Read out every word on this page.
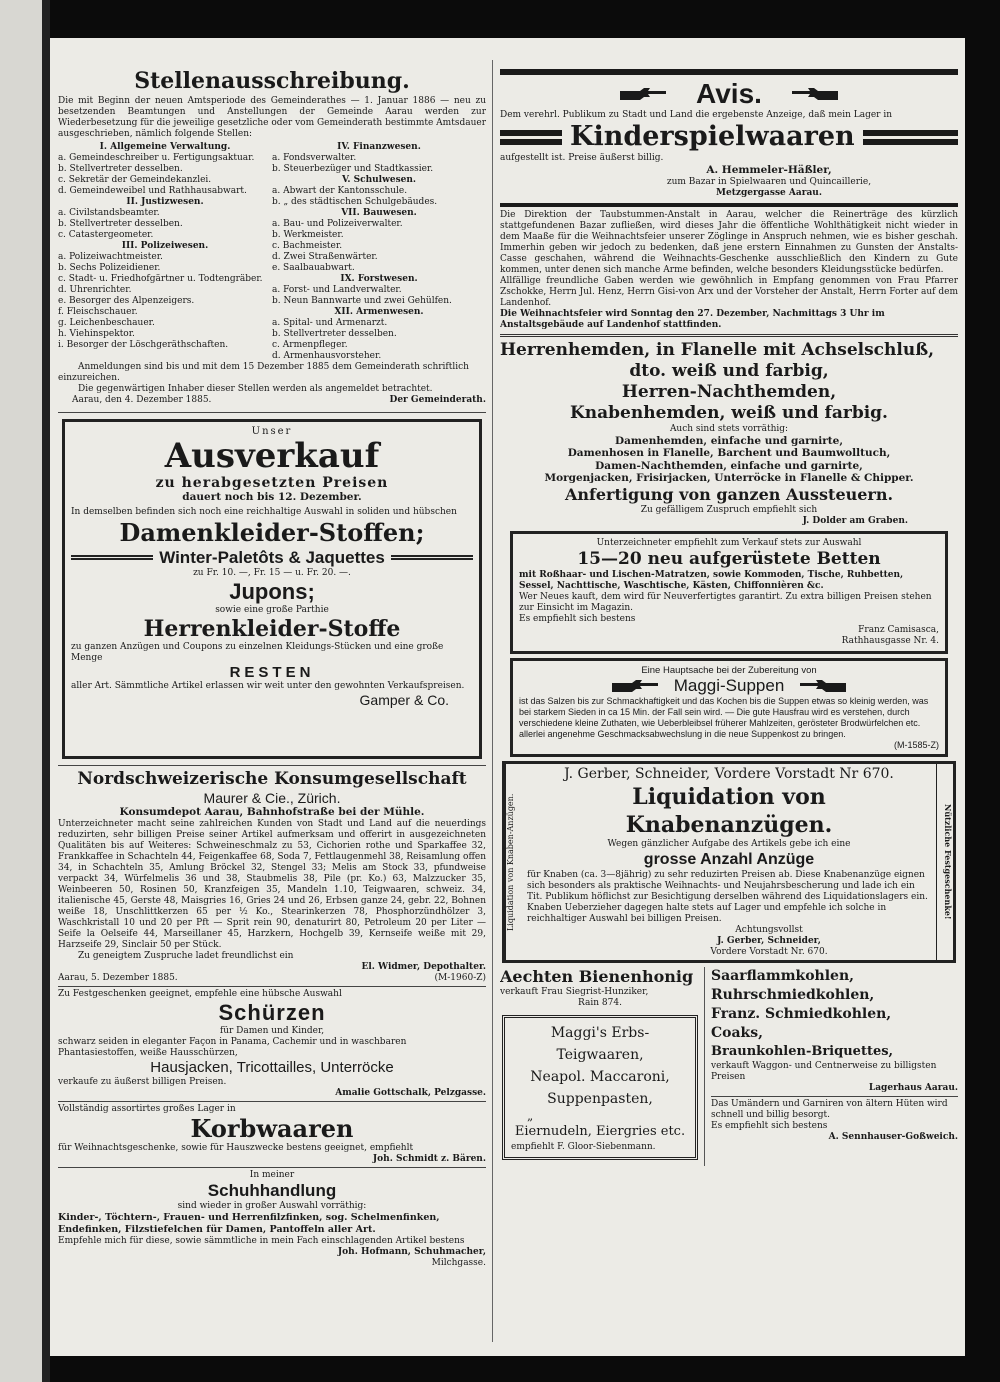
Stellenausschreibung.

Die mit Beginn der neuen Amtsperiode des Gemeinderathes — 1. Januar 1886 — neu zu besetzenden Beamtungen und Anstellungen der Gemeinde Aarau werden zur Wiederbesetzung für die jeweilige gesetzliche oder vom Gemeinderath bestimmte Amtsdauer ausgeschrieben, nämlich folgende Stellen:

I. Allgemeine Verwaltung.
a. Gemeindeschreiber u. Fertigungsaktuar.
b. Stellvertreter desselben.
c. Sekretär der Gemeindekanzlei.
d. Gemeindeweibel und Rathhausabwart.
II. Justizwesen.
a. Civilstandsbeamter.
b. Stellvertreter desselben.
c. Catastergeometer.
III. Polizeiwesen.
a. Polizeiwachtmeister.
b. Sechs Polizeidiener.
c. Stadt- u. Friedhofgärtner u. Todtengräber.
d. Uhrenrichter.
e. Besorger des Alpenzeigers.
f. Fleischschauer.
g. Leichenbeschauer.
h. Viehinspektor.
i. Besorger der Löschgeräthschaften.
IV. Finanzwesen.
a. Fondsverwalter.
b. Steuerbezüger und Stadtkassier.
V. Schulwesen.
a. Abwart der Kantonsschule.
b. „ des städtischen Schulgebäudes.
VII. Bauwesen.
a. Bau- und Polizeiverwalter.
b. Werkmeister.
c. Bachmeister.
d. Zwei Straßenwärter.
e. Saalbauabwart.
IX. Forstwesen.
a. Forst- und Landverwalter.
b. Neun Bannwarte und zwei Gehülfen.
XII. Armenwesen.
a. Spital- und Armenarzt.
b. Stellvertreter desselben.
c. Armenpfleger.
d. Armenhausvorsteher.

Anmeldungen sind bis und mit dem 15 Dezember 1885 dem Gemeinderath schriftlich einzureichen.

Die gegenwärtigen Inhaber dieser Stellen werden als angemeldet betrachtet.

Aarau, den 4. Dezember 1885.	Der Gemeinderath.
Unser
Ausverkauf
zu herabgesetzten Preisen
dauert noch bis 12. Dezember.

In demselben befinden sich noch eine reichhaltige Auswahl in soliden und hübschen

Damenkleider-Stoffen;
Winter-Paletôts & Jaquettes
zu Fr. 10. —, Fr. 15 — u. Fr. 20. —.
Jupons;
sowie eine große Parthie
Herrenkleider-Stoffe

zu ganzen Anzügen und Coupons zu einzelnen Kleidungs-Stücken und eine große Menge

RESTEN

aller Art. Sämmtliche Artikel erlassen wir weit unter den gewohnten Verkaufspreisen.

Gamper & Co.
Nordschweizerische Konsumgesellschaft
Maurer & Cie., Zürich.
Konsumdepot Aarau, Bahnhofstraße bei der Mühle.

Unterzeichneter macht seine zahlreichen Kunden von Stadt und Land auf die neuerdings reduzirten, sehr billigen Preise seiner Artikel aufmerksam und offerirt in ausgezeichneten Qualitäten bis auf Weiteres: Schweineschmalz zu 53, Cichorien rothe und Sparkaffee 32, Frankkaffee in Schachteln 44, Feigenkaffee 68, Soda 7, Fettlaugenmehl 38, Reisamlung offen 34, in Schachteln 35, Amlung Bröckel 32, Stengel 33; Melis am Stock 33, pfundweise verpackt 34, Würfelmelis 36 und 38, Staubmelis 38, Pile (pr. Ko.) 63, Malzzucker 35, Weinbeeren 50, Rosinen 50, Kranzfeigen 35, Mandeln 1.10, Teigwaaren, schweiz. 34, italienische 45, Gerste 48, Maisgries 16, Gries 24 und 26, Erbsen ganze 24, gebr. 22, Bohnen weiße 18, Unschlittkerzen 65 per ½ Ko., Stearinkerzen 78, Phosphorzündhölzer 3, Waschkristall 10 und 20 per Pft — Sprit rein 90, denaturirt 80, Petroleum 20 per Liter — Seife la Oelseife 44, Marseillaner 45, Harzkern, Hochgelb 39, Kernseife weiße mit 29, Harzseife 29, Sinclair 50 per Stück.

Zu geneigtem Zuspruche ladet freundlichst ein

El. Widmer, Depothalter.
Aarau, 5. Dezember 1885.	(M-1960-Z)

Zu Festgeschenken geeignet, empfehle eine hübsche Auswahl

Schürzen
für Damen und Kinder,

schwarz seiden in eleganter Façon in Panama, Cachemir und in waschbaren Phantasiestoffen, weiße Hausschürzen,

Hausjacken, Tricottailles, Unterröcke

verkaufe zu äußerst billigen Preisen.

Amalie Gottschalk, Pelzgasse.

Vollständig assortirtes großes Lager in

Korbwaaren

für Weihnachtsgeschenke, sowie für Hauszwecke bestens geeignet, empfiehlt

Joh. Schmidt z. Bären.
In meiner
Schuhhandlung
sind wieder in großer Auswahl vorräthig:

Kinder-, Töchtern-, Frauen- und Herrenfilzfinken, sog. Schelmenfinken, Endefinken, Filzstiefelchen für Damen, Pantoffeln aller Art.

Empfehle mich für diese, sowie sämmtliche in mein Fach einschlagenden Artikel bestens

Joh. Hofmann, Schuhmacher,
Milchgasse.
Avis.

Dem verehrl. Publikum zu Stadt und Land die ergebenste Anzeige, daß mein Lager in

Kinderspielwaaren

aufgestellt ist. Preise äußerst billig.

A. Hemmeler-Häßler,
zum Bazar in Spielwaaren und Quincaillerie,
Metzgergasse Aarau.

Die Direktion der Taubstummen-Anstalt in Aarau, welcher die Reinerträge des kürzlich stattgefundenen Bazar zufließen, wird dieses Jahr die öffentliche Wohlthätigkeit nicht wieder in dem Maaße für die Weihnachtsfeier unserer Zöglinge in Anspruch nehmen, wie es bisher geschah. Immerhin geben wir jedoch zu bedenken, daß jene erstern Einnahmen zu Gunsten der Anstalts-Casse geschahen, während die Weihnachts-Geschenke ausschließlich den Kindern zu Gute kommen, unter denen sich manche Arme befinden, welche besonders Kleidungsstücke bedürfen.

Allfällige freundliche Gaben werden wie gewöhnlich in Empfang genommen von Frau Pfarrer Zschokke, Herrn Jul. Henz, Herrn Gisi-von Arx und der Vorsteher der Anstalt, Herrn Forter auf dem Landenhof.

Die Weihnachtsfeier wird Sonntag den 27. Dezember, Nachmittags 3 Uhr im Anstaltsgebäude auf Landenhof stattfinden.

Herrenhemden, in Flanelle mit Achselschluß,
dto. weiß und farbig,
Herren-Nachthemden,
Knabenhemden, weiß und farbig.
Auch sind stets vorräthig:
Damenhemden, einfache und garnirte,
Damenhosen in Flanelle, Barchent und Baumwolltuch,
Damen-Nachthemden, einfache und garnirte,
Morgenjacken, Frisirjacken, Unterröcke in Flanelle & Chipper.
Anfertigung von ganzen Aussteuern.
Zu gefälligem Zuspruch empfiehlt sich
J. Dolder am Graben.
Unterzeichneter empfiehlt zum Verkauf stets zur Auswahl
15—20 neu aufgerüstete Betten

mit Roßhaar- und Lischen-Matratzen, sowie Kommoden, Tische, Ruhbetten, Sessel, Nachttische, Waschtische, Kästen, Chiffonnièren &c.

Wer Neues kauft, dem wird für Neuverfertigtes garantirt. Zu extra billigen Preisen stehen zur Einsicht im Magazin.

Es empfiehlt sich bestens

Franz Camisasca,
Rathhausgasse Nr. 4.
Eine Hauptsache bei der Zubereitung von
Maggi-Suppen

ist das Salzen bis zur Schmackhaftigkeit und das Kochen bis die Suppen etwas so kleinig werden, was bei starkem Sieden in ca 15 Min. der Fall sein wird. — Die gute Hausfrau wird es verstehen, durch verschiedene kleine Zuthaten, wie Ueberbleibsel früherer Mahlzeiten, gerösteter Brodwürfelchen etc. allerlei angenehme Geschmacksabwechslung in die neue Suppenkost zu bringen.

(M-1585-Z)
Liquidation von Knaben-Anzügen.
J. Gerber, Schneider, Vordere Vorstadt Nr 670.
Liquidation von Knabenanzügen.
Wegen gänzlicher Aufgabe des Artikels gebe ich eine
grosse Anzahl Anzüge

für Knaben (ca. 3—8jährig) zu sehr reduzirten Preisen ab. Diese Knabenanzüge eignen sich besonders als praktische Weihnachts- und Neujahrsbescherung und lade ich ein Tit. Publikum höflichst zur Besichtigung derselben während des Liquidationslagers ein.

Knaben Ueberzieher dagegen halte stets auf Lager und empfehle ich solche in reichhaltiger Auswahl bei billigen Preisen.

Achtungsvollst
J. Gerber, Schneider,
Vordere Vorstadt Nr. 670.
Nützliche Festgeschenke!
Aechten Bienenhonig
verkauft Frau Siegrist-Hunziker,
Rain 874.
Maggi's Erbs-Teigwaaren,
Neapol. Maccaroni,
Suppenpasten,
„
Eiernudeln, Eiergries etc.
empfiehlt F. Gloor-Siebenmann.
Saarflammkohlen,
Ruhrschmiedkohlen,
Franz. Schmiedkohlen,
Coaks,
Braunkohlen-Briquettes,

verkauft Waggon- und Centnerweise zu billigsten Preisen

Lagerhaus Aarau.

Das Umändern und Garniren von ältern Hüten wird schnell und billig besorgt.

Es empfiehlt sich bestens

A. Sennhauser-Goßweich.
